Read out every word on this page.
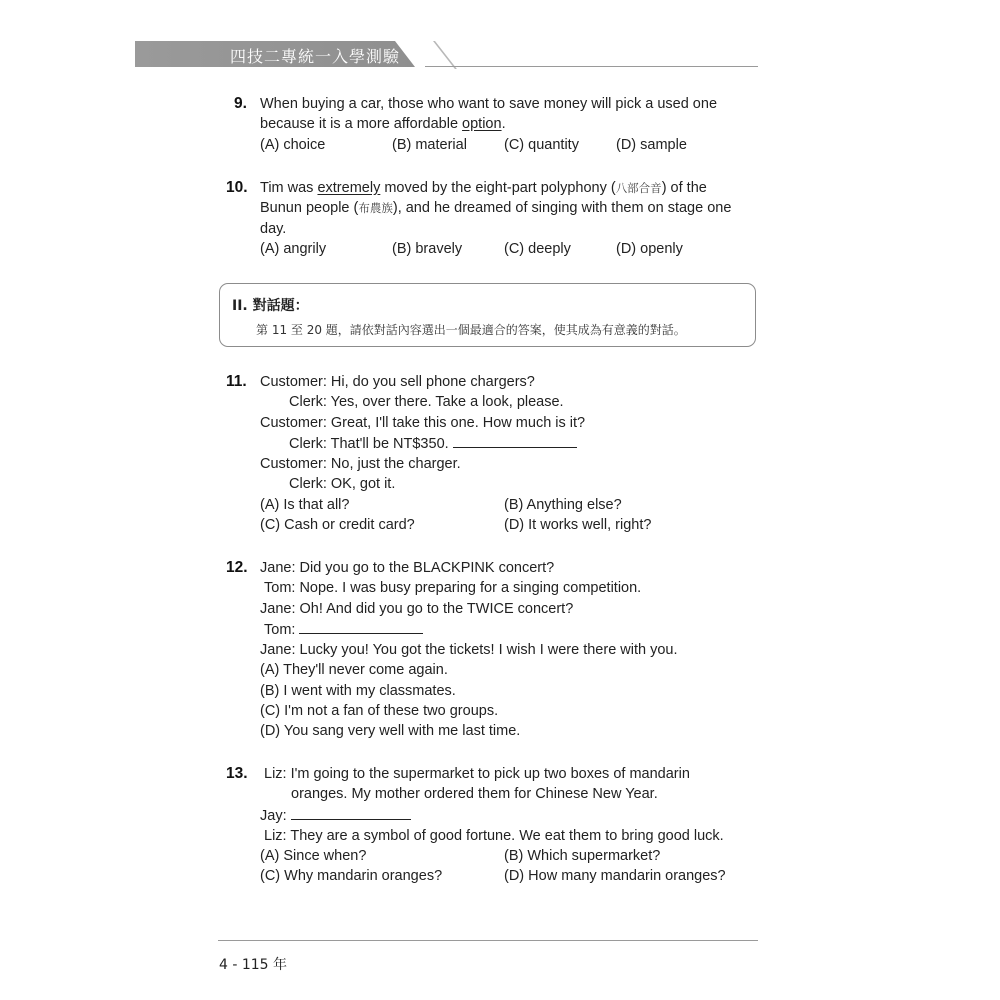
四技二專統一入學測驗
9. When buying a car, those who want to save money will pick a used one
because it is a more affordable option.
(A) choice	(B) material	(C) quantity	(D) sample
10. Tim was extremely moved by the eight-part polyphony (八部合音) of the
Bunun people (布農族), and he dreamed of singing with them on stage one
day.
(A) angrily	(B) bravely	(C) deeply	(D) openly
II. 對話題：
第 11 至 20 題，請依對話內容選出一個最適合的答案，使其成為有意義的對話。
11. Customer: Hi, do you sell phone chargers?
Clerk: Yes, over there. Take a look, please.
Customer: Great, I'll take this one. How much is it?
Clerk: That'll be NT$350.
Customer: No, just the charger.
Clerk: OK, got it.
(A) Is that all?	(B) Anything else?
(C) Cash or credit card?	(D) It works well, right?
12. Jane: Did you go to the BLACKPINK concert?
Tom: Nope. I was busy preparing for a singing competition.
Jane: Oh! And did you go to the TWICE concert?
Tom:
Jane: Lucky you! You got the tickets! I wish I were there with you.
(A) They'll never come again.
(B) I went with my classmates.
(C) I'm not a fan of these two groups.
(D) You sang very well with me last time.
13. Liz: I'm going to the supermarket to pick up two boxes of mandarin
oranges. My mother ordered them for Chinese New Year.
Jay:
Liz: They are a symbol of good fortune. We eat them to bring good luck.
(A) Since when?	(B) Which supermarket?
(C) Why mandarin oranges?	(D) How many mandarin oranges?
4 - 115 年
